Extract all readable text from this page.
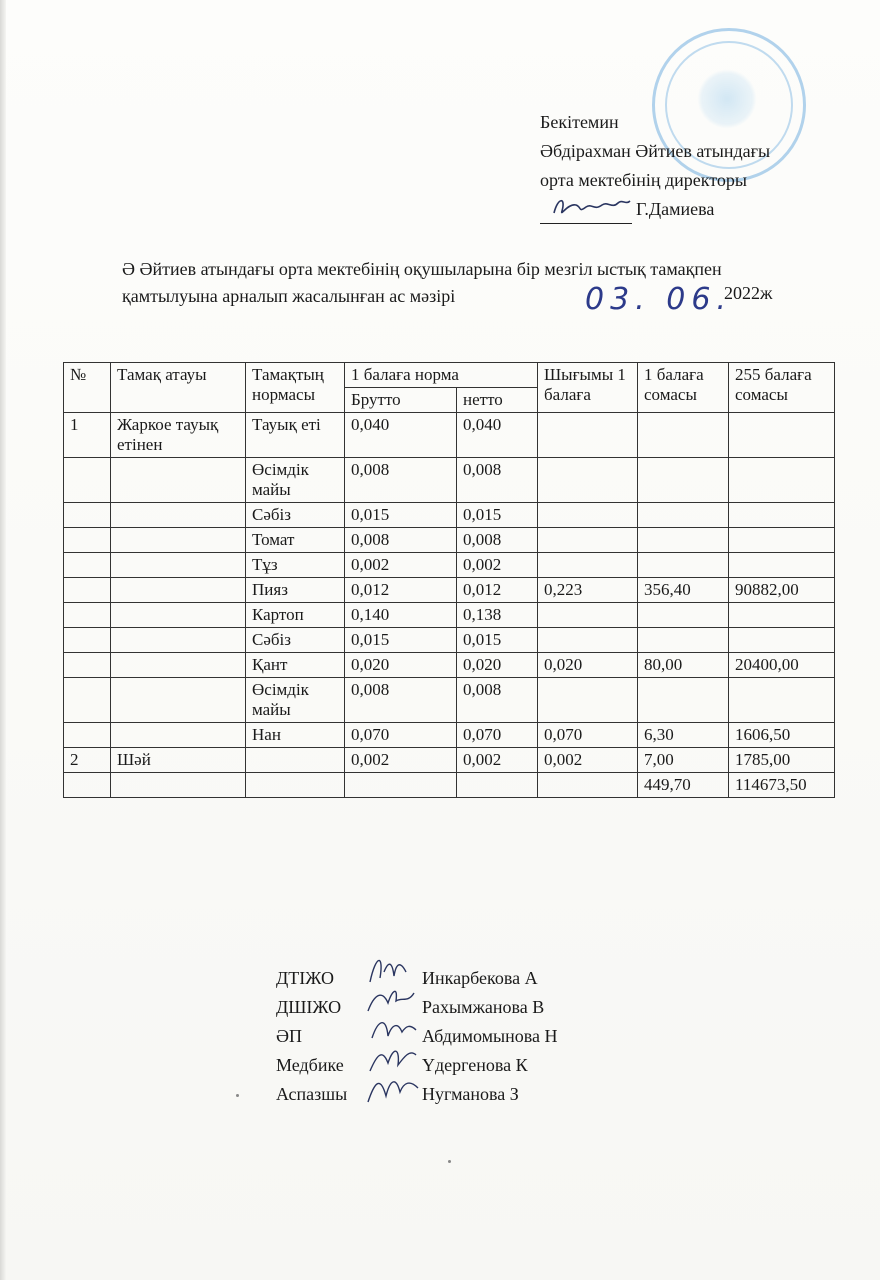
Бекітемин
Әбдірахман Әйтиев атындағы
орта мектебінің директоры
Г.Дамиева
Ә Әйтиев атындағы орта мектебінің оқушыларына бір мезгіл ыстық тамақпен
қамтылуына арналып жасалынған ас мәзірі	03. 06.
2022ж
№	Тамақ атауы	Тамақтың нормасы	1 балаға норма		Шығымы 1 балаға	1 балаға сомасы	255 балаға сомасы
			Брутто	нетто			
1	Жаркое тауық етінен	Тауық еті	0,040	0,040			
		Өсімдік майы	0,008	0,008			
		Сәбіз	0,015	0,015			
		Томат	0,008	0,008			
		Тұз	0,002	0,002			
		Пияз	0,012	0,012	0,223	356,40	90882,00
		Картоп	0,140	0,138			
		Сәбіз	0,015	0,015			
		Қант	0,020	0,020	0,020	80,00	20400,00
		Өсімдік майы	0,008	0,008			
		Нан	0,070	0,070	0,070	6,30	1606,50
2	Шәй		0,002	0,002	0,002	7,00	1785,00
						449,70	114673,50
ДТІЖО	Инкарбекова А
ДШІЖО	Рахымжанова В
ӘП	Абдимомынова Н
Медбике	Үдергенова К
Аспазшы	Нугманова З
